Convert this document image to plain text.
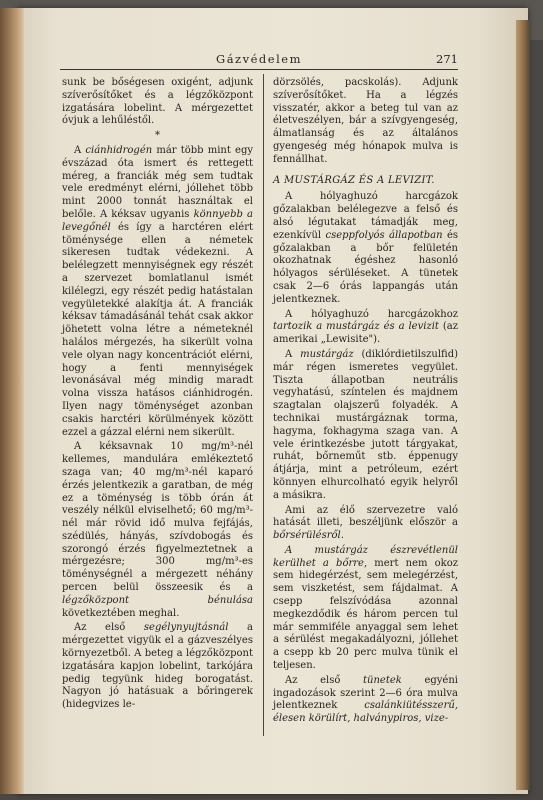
Gázvédelem	271

sunk be bőségesen oxigént, adjunk szíverősítőket és a légzőközpont izgatására lobelint. A mérgezettet óvjuk a lehűléstől.

*

A ciánhidrogén már több mint egy évszázad óta ismert és rettegett méreg, a franciák még sem tudtak vele eredményt elérni, jóllehet több mint 2000 tonnát használtak el belőle. A kéksav ugyanis könnyebb a levegőnél és így a harctéren elért töménysége ellen a németek sikeresen tudtak védekezni. A belélegzett mennyiségnek egy részét a szervezet bomlatlanul ismét kilélegzi, egy részét pedig hatástalan vegyületekké alakítja át. A franciák kéksav támadásánál tehát csak akkor jöhetett volna létre a németeknél halálos mérgezés, ha sikerült volna vele olyan nagy koncentrációt elérni, hogy a fenti mennyiségek levonásával még mindig maradt volna vissza hatásos ciánhidrogén. Ilyen nagy töménységet azonban csakis harctéri körülmények között ezzel a gázzal elérni nem sikerült.

A kéksavnak 10 mg/m³-nél kellemes, mandulára emlékeztető szaga van; 40 mg/m³-nél kaparó érzés jelentkezik a garatban, de még ez a töménység is több órán át veszély nélkül elviselhető; 60 mg/m³-nél már rövid idő mulva fejfájás, szédülés, hányás, szívdobogás és szorongó érzés figyelmeztetnek a mérgezésre; 300 mg/m³-es töménységnél a mérgezett néhány percen belül összeesik és a légzőközpont bénulása következtében meghal.

Az első segélynyujtásnál a mérgezettet vigyük el a gázveszélyes környezetből. A beteg a légzőközpont izgatására kapjon lobelint, tarkójára pedig tegyünk hideg borogatást. Nagyon jó hatásuak a bőringerek (hidegvizes le-

dörzsölés, pacskolás). Adjunk szíverősítőket. Ha a légzés visszatér, akkor a beteg tul van az életveszélyen, bár a szívgyengeség, álmatlanság és az általános gyengeség még hónapok mulva is fennállhat.

A MUSTÁRGÁZ ÉS A LEVIZIT.

A hólyaghuzó harcgázok gőzalakban belélegezve a felső és alsó légutakat támadják meg, ezenkívül cseppfolyós állapotban és gőzalakban a bőr felületén okozhatnak égéshez hasonló hólyagos sérüléseket. A tünetek csak 2—6 órás lappangás után jelentkeznek.

A hólyaghuzó harcgázokhoz tartozik a mustárgáz és a levizit (az amerikai „Lewisite").

A mustárgáz (diklórdietilszulfid) már régen ismeretes vegyület. Tiszta állapotban neutrális vegyhatású, színtelen és majdnem szagtalan olajszerű folyadék. A technikai mustárgáznak torma, hagyma, fokhagyma szaga van. A vele érintkezésbe jutott tárgyakat, ruhát, bőrneműt stb. éppenugy átjárja, mint a petróleum, ezért könnyen elhurcolható egyik helyről a másikra.

Ami az élő szervezetre való hatását illeti, beszéljünk először a bőrsérülésről.

A mustárgáz észrevétlenül kerülhet a bőrre, mert nem okoz sem hidegérzést, sem melegérzést, sem viszketést, sem fájdalmat. A csepp felszívódása azonnal megkezdődik és három percen tul már semmiféle anyaggal sem lehet a sérülést megakadályozni, jóllehet a csepp kb 20 perc mulva tünik el teljesen.

Az első tünetek egyéni ingadozások szerint 2—6 óra mulva jelentkeznek csalánkiütésszerű, élesen körülírt, halványpiros, vize-
